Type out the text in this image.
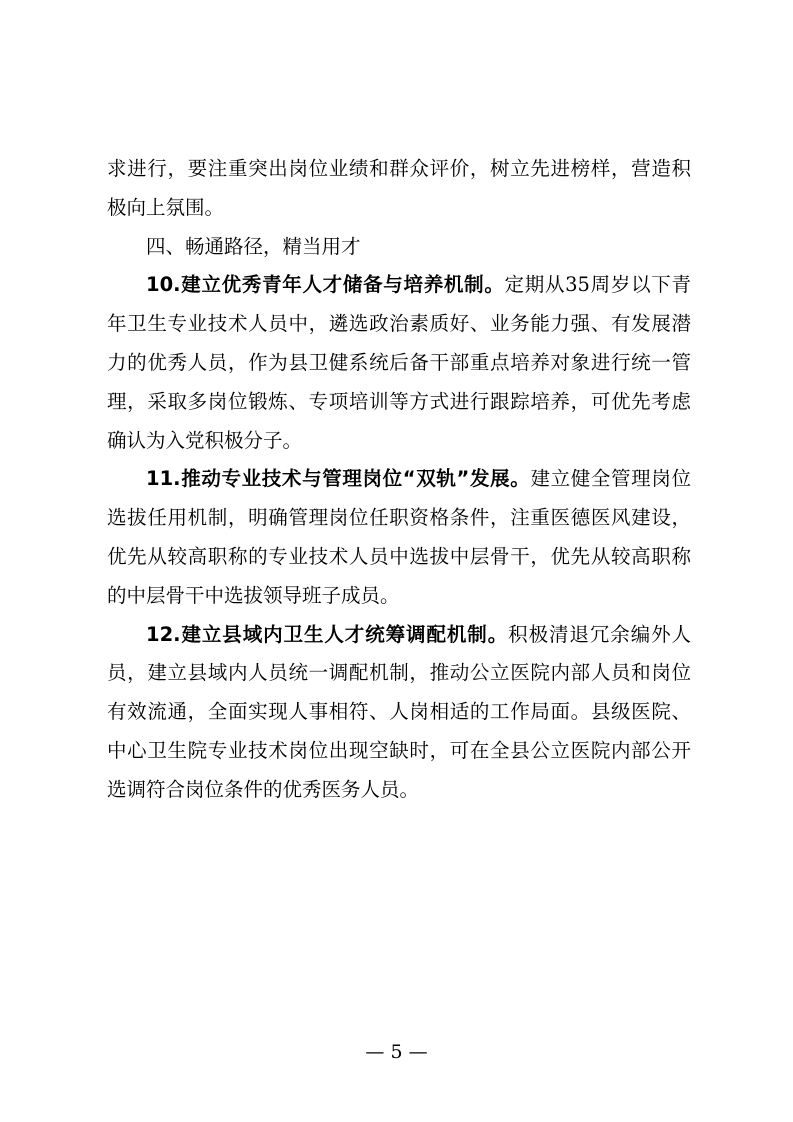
求进行，要注重突出岗位业绩和群众评价，树立先进榜样，营造积极向上氛围。

四、畅通路径，精当用才

10.建立优秀青年人才储备与培养机制。定期从35周岁以下青年卫生专业技术人员中，遴选政治素质好、业务能力强、有发展潜力的优秀人员，作为县卫健系统后备干部重点培养对象进行统一管理，采取多岗位锻炼、专项培训等方式进行跟踪培养，可优先考虑确认为入党积极分子。

11.推动专业技术与管理岗位“双轨”发展。建立健全管理岗位选拔任用机制，明确管理岗位任职资格条件，注重医德医风建设，优先从较高职称的专业技术人员中选拔中层骨干，优先从较高职称的中层骨干中选拔领导班子成员。

12.建立县域内卫生人才统筹调配机制。积极清退冗余编外人员，建立县域内人员统一调配机制，推动公立医院内部人员和岗位有效流通，全面实现人事相符、人岗相适的工作局面。县级医院、中心卫生院专业技术岗位出现空缺时，可在全县公立医院内部公开选调符合岗位条件的优秀医务人员。

— 5 —
